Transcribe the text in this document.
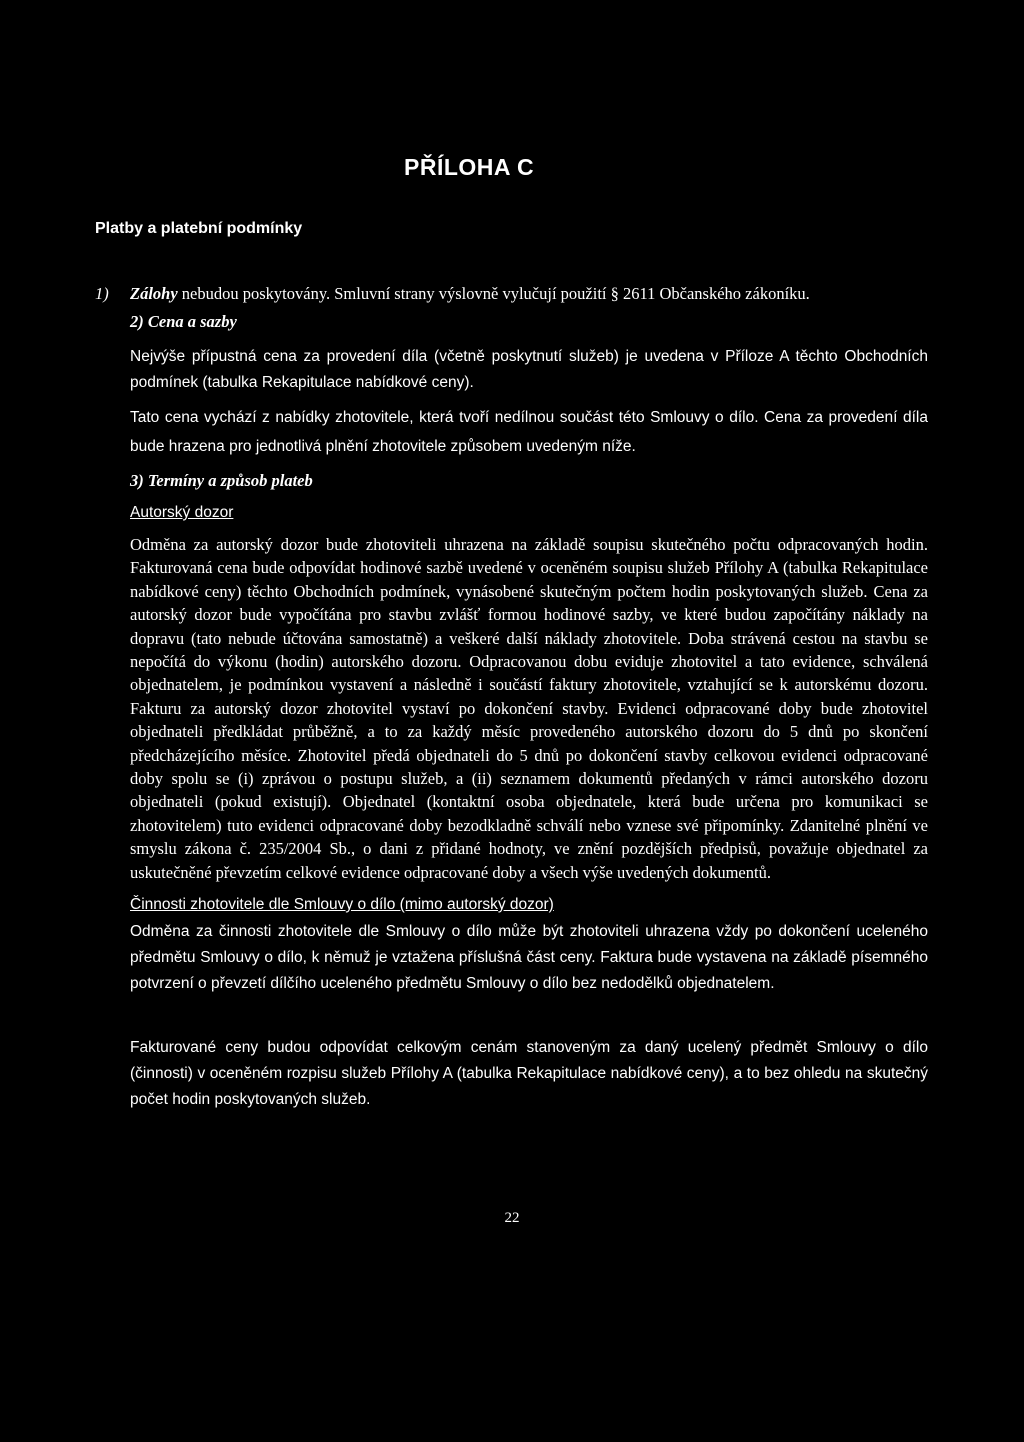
PŘÍLOHA C
Platby a platební podmínky
1) Zálohy nebudou poskytovány. Smluvní strany výslovně vylučují použití § 2611 Občanského zákoníku.
2) Cena a sazby

Nejvýše přípustná cena za provedení díla (včetně poskytnutí služeb) je uvedena v Příloze A těchto Obchodních podmínek (tabulka Rekapitulace nabídkové ceny).

Tato cena vychází z nabídky zhotovitele, která tvoří nedílnou součást této Smlouvy o dílo. Cena za provedení díla bude hrazena pro jednotlivá plnění zhotovitele způsobem uvedeným níže.

3) Termíny a způsob plateb
Autorský dozor

Odměna za autorský dozor bude zhotoviteli uhrazena na základě soupisu skutečného počtu odpracovaných hodin. Fakturovaná cena bude odpovídat hodinové sazbě uvedené v oceněném soupisu služeb Přílohy A (tabulka Rekapitulace nabídkové ceny) těchto Obchodních podmínek, vynásobené skutečným počtem hodin poskytovaných služeb. Cena za autorský dozor bude vypočítána pro stavbu zvlášť formou hodinové sazby, ve které budou započítány náklady na dopravu (tato nebude účtována samostatně) a veškeré další náklady zhotovitele. Doba strávená cestou na stavbu se nepočítá do výkonu (hodin) autorského dozoru. Odpracovanou dobu eviduje zhotovitel a tato evidence, schválená objednatelem, je podmínkou vystavení a následně i součástí faktury zhotovitele, vztahující se k autorskému dozoru. Fakturu za autorský dozor zhotovitel vystaví po dokončení stavby. Evidenci odpracované doby bude zhotovitel objednateli předkládat průběžně, a to za každý měsíc provedeného autorského dozoru do 5 dnů po skončení předcházejícího měsíce. Zhotovitel předá objednateli do 5 dnů po dokončení stavby celkovou evidenci odpracované doby spolu se (i) zprávou o postupu služeb, a (ii) seznamem dokumentů předaných v rámci autorského dozoru objednateli (pokud existují). Objednatel (kontaktní osoba objednatele, která bude určena pro komunikaci se zhotovitelem) tuto evidenci odpracované doby bezodkladně schválí nebo vznese své připomínky. Zdanitelné plnění ve smyslu zákona č. 235/2004 Sb., o dani z přidané hodnoty, ve znění pozdějších předpisů, považuje objednatel za uskutečněné převzetím celkové evidence odpracované doby a všech výše uvedených dokumentů.

Činnosti zhotovitele dle Smlouvy o dílo (mimo autorský dozor)

Odměna za činnosti zhotovitele dle Smlouvy o dílo může být zhotoviteli uhrazena vždy po dokončení uceleného předmětu Smlouvy o dílo, k němuž je vztažena příslušná část ceny. Faktura bude vystavena na základě písemného potvrzení o převzetí dílčího uceleného předmětu Smlouvy o dílo bez nedodělků objednatelem.

Fakturované ceny budou odpovídat celkovým cenám stanoveným za daný ucelený předmět Smlouvy o dílo (činnosti) v oceněném rozpisu služeb Přílohy A (tabulka Rekapitulace nabídkové ceny), a to bez ohledu na skutečný počet hodin poskytovaných služeb.

22
